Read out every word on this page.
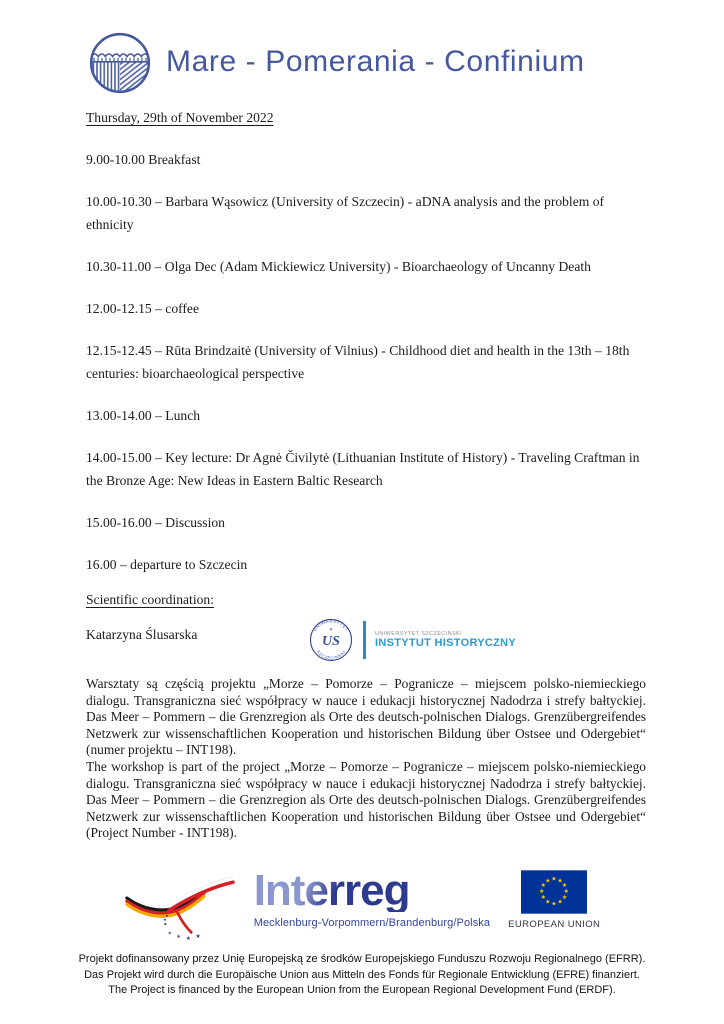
Mare - Pomerania - Confinium

Thursday, 29th of November 2022

9.00-10.00 Breakfast

10.00-10.30 – Barbara Wąsowicz (University of Szczecin) - aDNA analysis and the problem of ethnicity

10.30-11.00 – Olga Dec (Adam Mickiewicz University) - Bioarchaeology of Uncanny Death

12.00-12.15 – coffee

12.15-12.45 – Rūta Brindzaitė (University of Vilnius) - Childhood diet and health in the 13th – 18th centuries: bioarchaeological perspective

13.00-14.00 – Lunch

14.00-15.00 – Key lecture: Dr Agnė Čivilytė (Lithuanian Institute of History) - Traveling Craftman in the Bronze Age: New Ideas in Eastern Baltic Research

15.00-16.00 – Discussion

16.00 – departure to Szczecin

Scientific coordination:

Katarzyna Ślusarska	UNIWERSYTET
SZCZECIŃSKI
★
US
UNIWERSYTET SZCZECIŃSKI
INSTYTUT HISTORYCZNY

Warsztaty są częścią projektu „Morze – Pomorze – Pogranicze – miejscem polsko-niemieckiego dialogu. Transgraniczna sieć współpracy w nauce i edukacji historycznej Nadodrza i strefy bałtyckiej. Das Meer – Pommern – die Grenzregion als Orte des deutsch-polnischen Dialogs. Grenzübergreifendes Netzwerk zur wissenschaftlichen Kooperation und historischen Bildung über Ostsee und Odergebiet“ (numer projektu – INT198).

The workshop is part of the project „Morze – Pomorze – Pogranicze – miejscem polsko-niemieckiego dialogu. Transgraniczna sieć współpracy w nauce i edukacji historycznej Nadodrza i strefy bałtyckiej. Das Meer – Pommern – die Grenzregion als Orte des deutsch-polnischen Dialogs. Grenzübergreifendes Netzwerk zur wissenschaftlichen Kooperation und historischen Bildung über Ostsee und Odergebiet“ (Project Number - INT198).

★
★ ★ ★
Interreg
Mecklenburg-Vorpommern/Brandenburg/Polska
★ ★
★
★
★
★
★
★
★
★
★
★
EUROPEAN UNION

Projekt dofinansowany przez Unię Europejską ze środków Europejskiego Funduszu Rozwoju Regionalnego (EFRR).

Das Projekt wird durch die Europäische Union aus Mitteln des Fonds für Regionale Entwicklung (EFRE) finanziert.

The Project is financed by the European Union from the European Regional Development Fund (ERDF).
